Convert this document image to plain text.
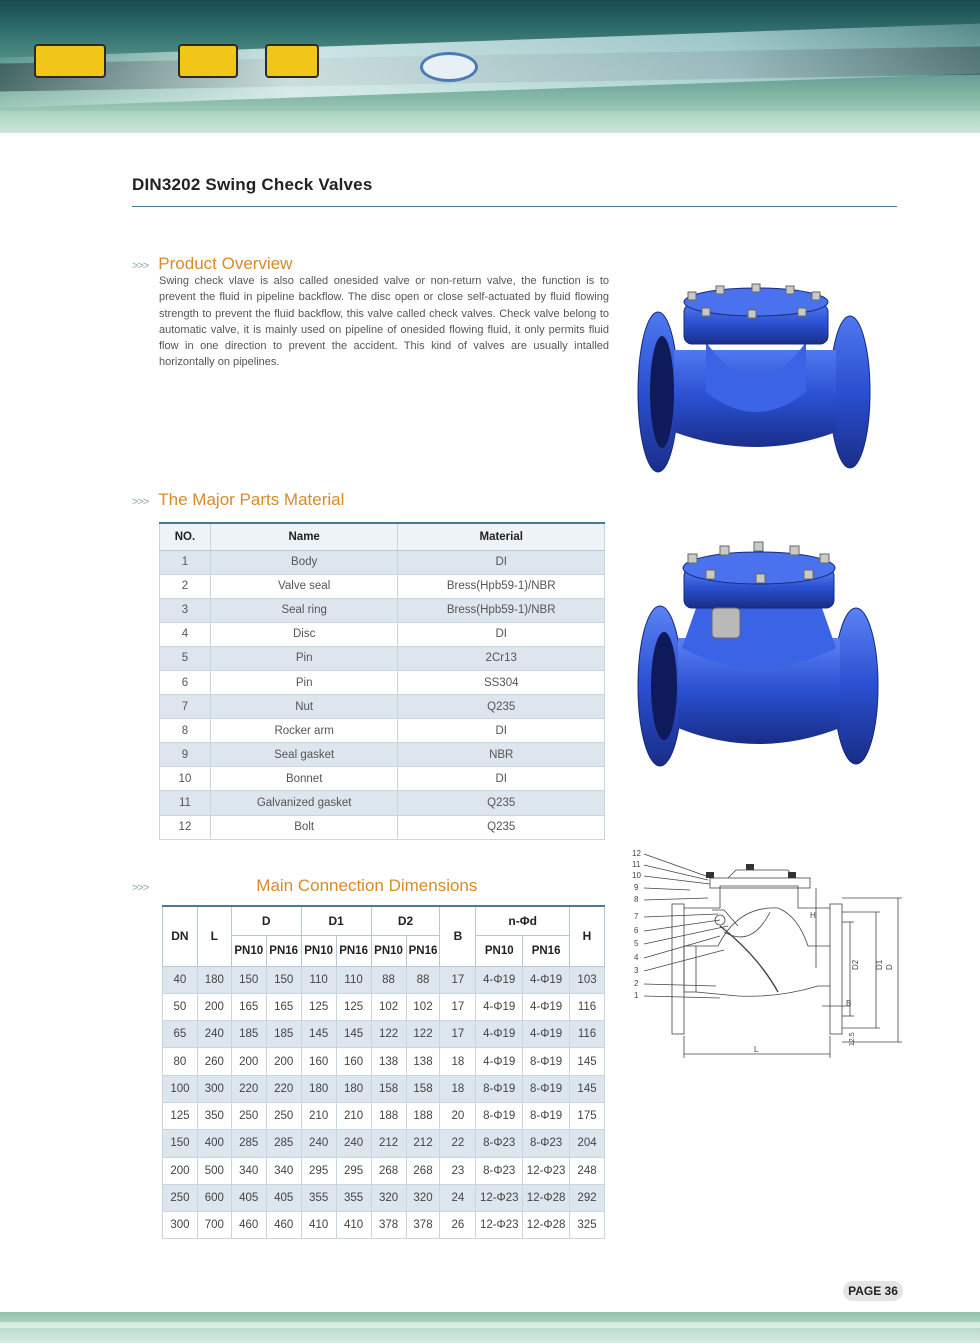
DIN3202 Swing Check Valves
>>> Product Overview
Swing check vlave is also called onesided valve or non-return valve, the function is to prevent the fluid in pipeline backflow. The disc open or close self-actuated by fluid flowing strength to prevent the fluid backflow, this valve called check valves. Check valve belong to automatic valve, it is mainly used on pipeline of onesided flowing fluid, it only permits fluid flow in one direction to prevent the accident. This kind of valves are usually intalled horizontally on pipelines.
>>> The Major Parts Material
NO.	Name	Material
1	Body	DI
2	Valve seal	Bress(Hpb59-1)/NBR
3	Seal ring	Bress(Hpb59-1)/NBR
4	Disc	DI
5	Pin	2Cr13
6	Pin	SS304
7	Nut	Q235
8	Rocker arm	DI
9	Seal gasket	NBR
10	Bonnet	DI
11	Galvanized gasket	Q235
12	Bolt	Q235
>>>	Main Connection Dimensions
DN	L	D		D1		D2		B	n-Φd		H
		PN10	PN16	PN10	PN16	PN10	PN16		PN10	PN16	
40	180	150	150	110	110	88	88	17	4-Φ19	4-Φ19	103
50	200	165	165	125	125	102	102	17	4-Φ19	4-Φ19	116
65	240	185	185	145	145	122	122	17	4-Φ19	4-Φ19	116
80	260	200	200	160	160	138	138	18	4-Φ19	8-Φ19	145
100	300	220	220	180	180	158	158	18	8-Φ19	8-Φ19	145
125	350	250	250	210	210	188	188	20	8-Φ19	8-Φ19	175
150	400	285	285	240	240	212	212	22	8-Φ23	8-Φ23	204
200	500	340	340	295	295	268	268	23	8-Φ23	12-Φ23	248
250	600	405	405	355	355	320	320	24	12-Φ23	12-Φ28	292
300	700	460	460	410	410	378	378	26	12-Φ23	12-Φ28	325
12
11
10
9
8
7
6
5
4
3
2
1
H
D2 D1 D
B
L
12.5
PAGE 36
